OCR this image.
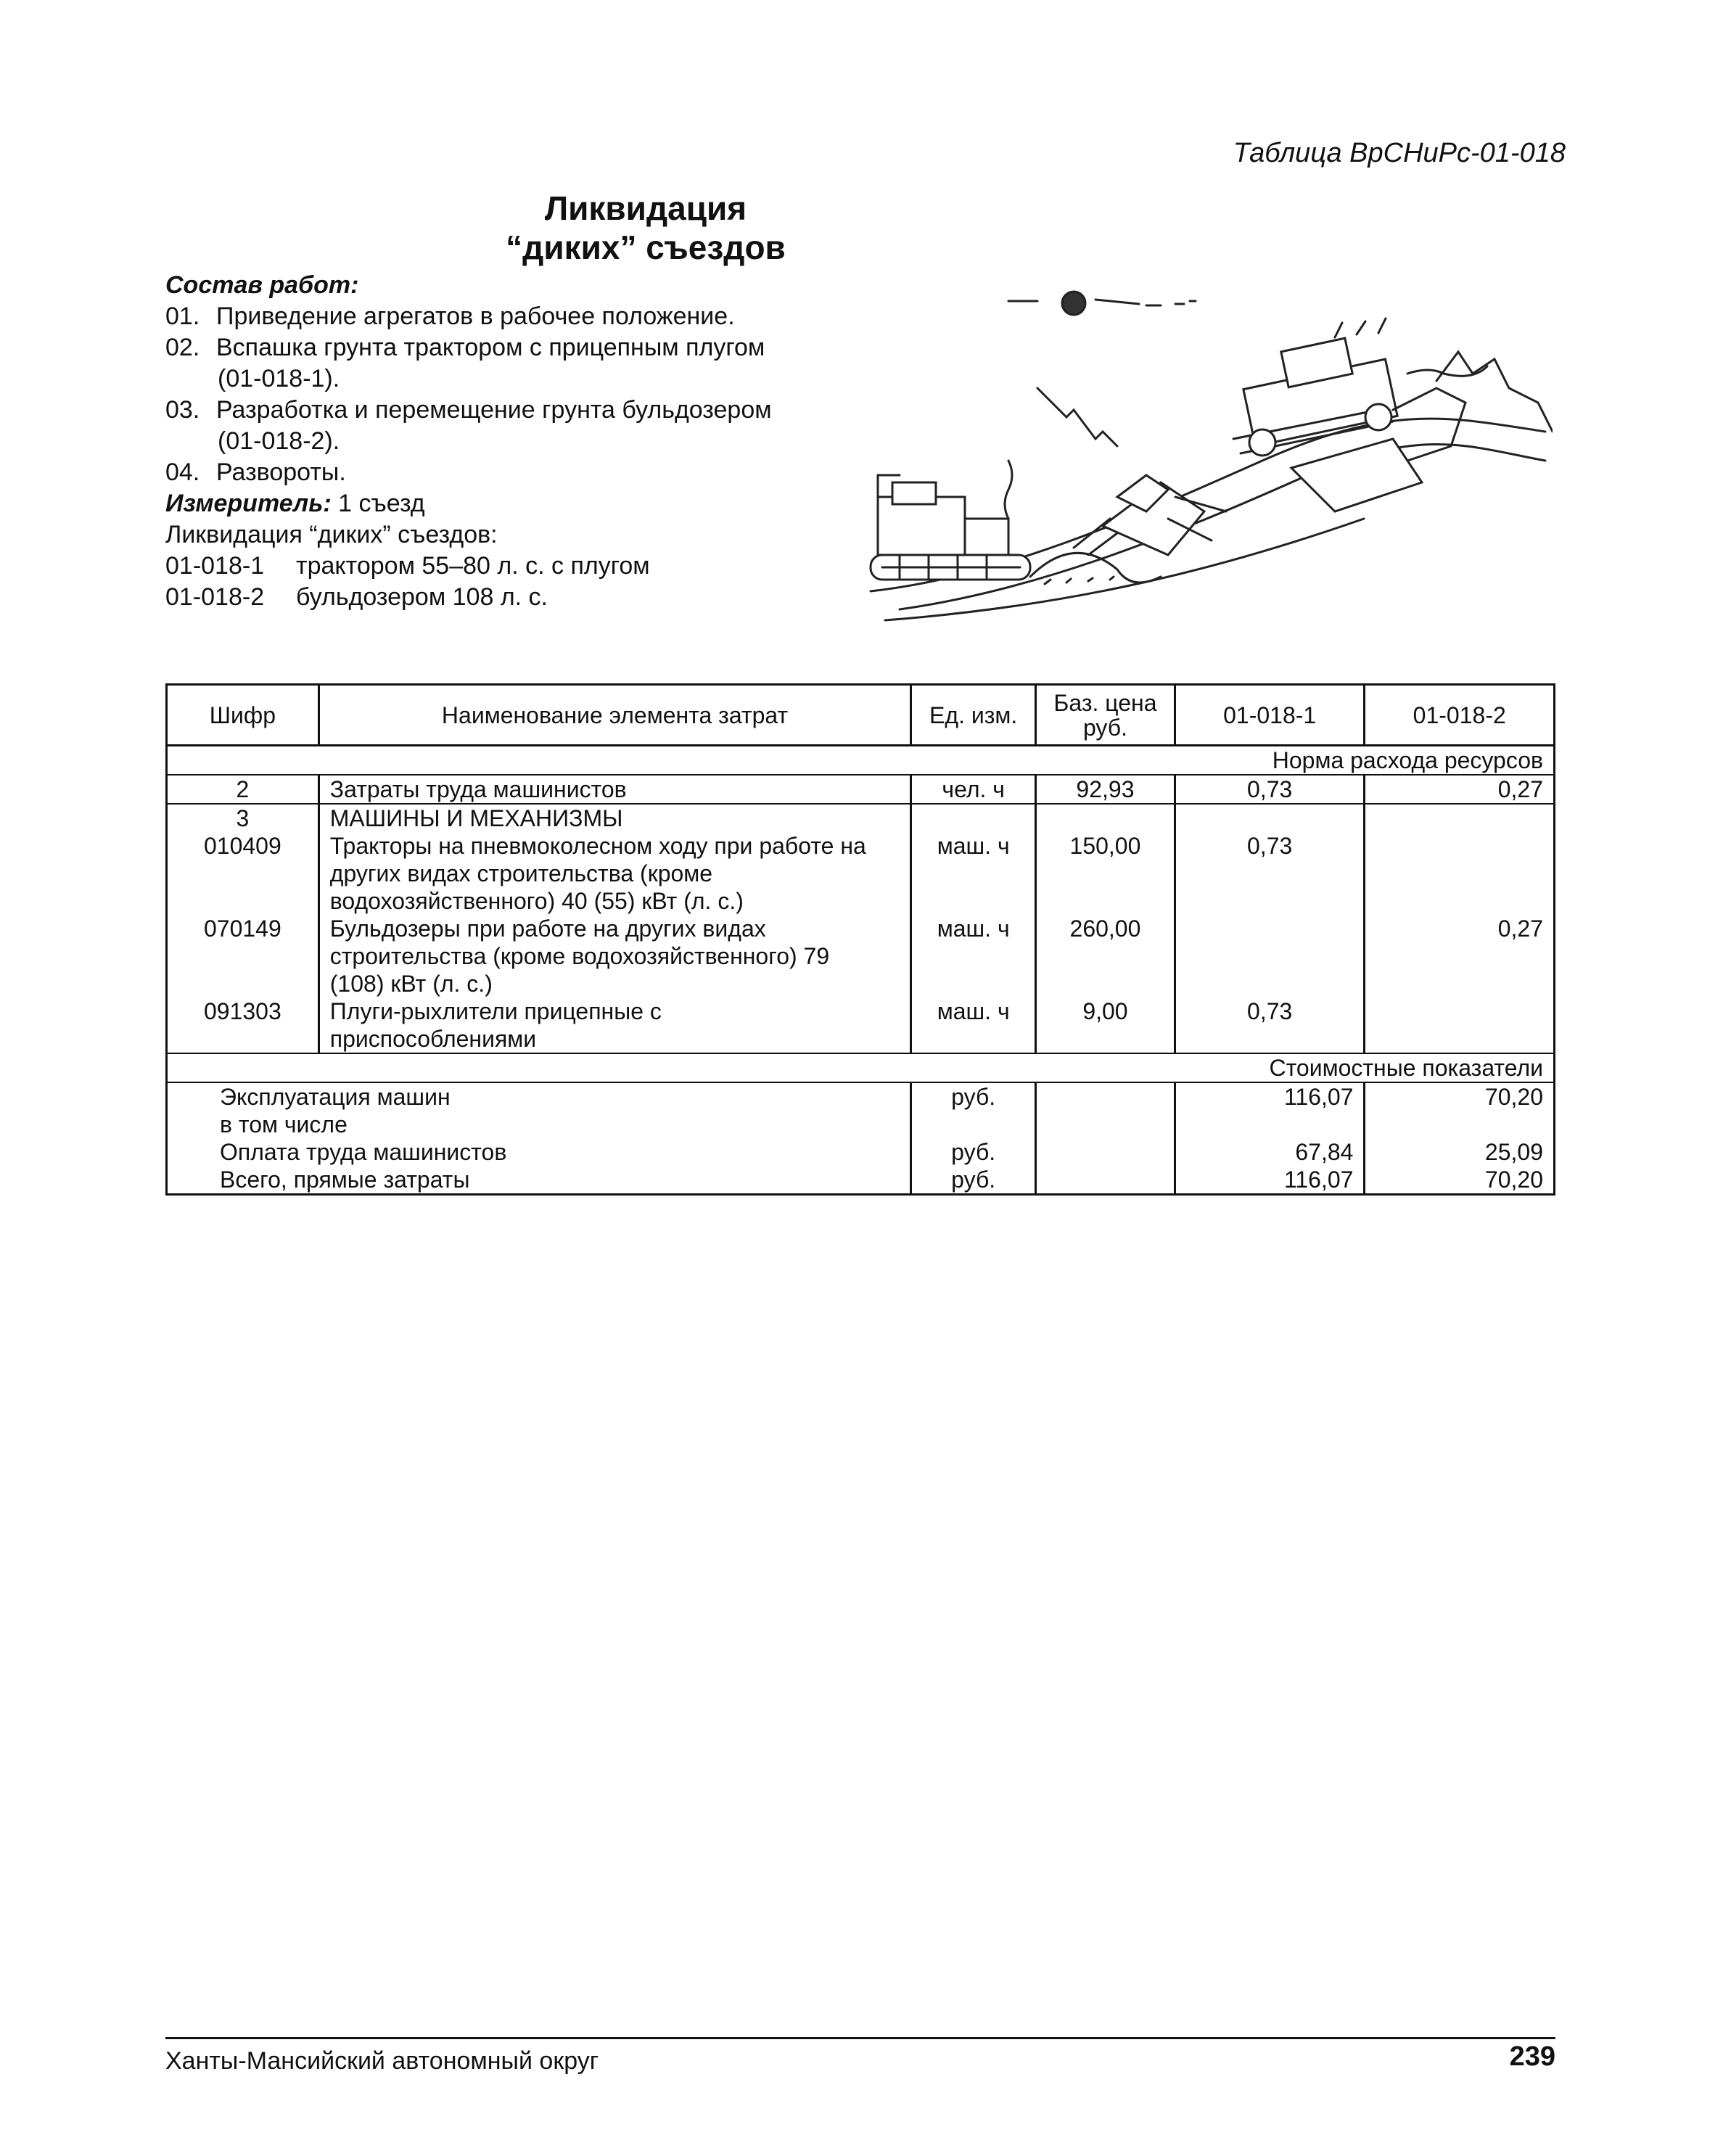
Таблица ВрСНиРс-01-018
Ликвидация
“диких” съездов
Состав работ:
01. Приведение агрегатов в рабочее положение.
02. Вспашка грунта трактором с прицепным плугом
(01-018-1).
03. Разработка и перемещение грунта бульдозером
(01-018-2).
04. Развороты.
Измеритель: 1 съезд
Ликвидация “диких” съездов:
01-018-1	трактором 55–80 л. с. с плугом
01-018-2	бульдозером 108 л. с.
Шифр	Наименование элемента затрат	Ед. изм.	Баз. цена руб.	01-018-1	01-018-2
Норма расхода ресурсов					
2	Затраты труда машинистов	чел. ч	92,93	0,73	0,27
3	МАШИНЫ И МЕХАНИЗМЫ				
010409	Тракторы на пневмоколесном ходу при работе на
других видах строительства (кроме
водохозяйственного) 40 (55) кВт (л. с.)	маш. ч	150,00	0,73	
070149	Бульдозеры при работе на других видах
строительства (кроме водохозяйственного) 79
(108) кВт (л. с.)	маш. ч	260,00		0,27
091303	Плуги-рыхлители прицепные с
приспособлениями	маш. ч	9,00	0,73	
Стоимостные показатели					
Эксплуатация машин		руб.		116,07	70,20
в том числе					
Оплата труда машинистов		руб.		67,84	25,09
Всего, прямые затраты		руб.		116,07	70,20
Ханты-Мансийский автономный округ	239
